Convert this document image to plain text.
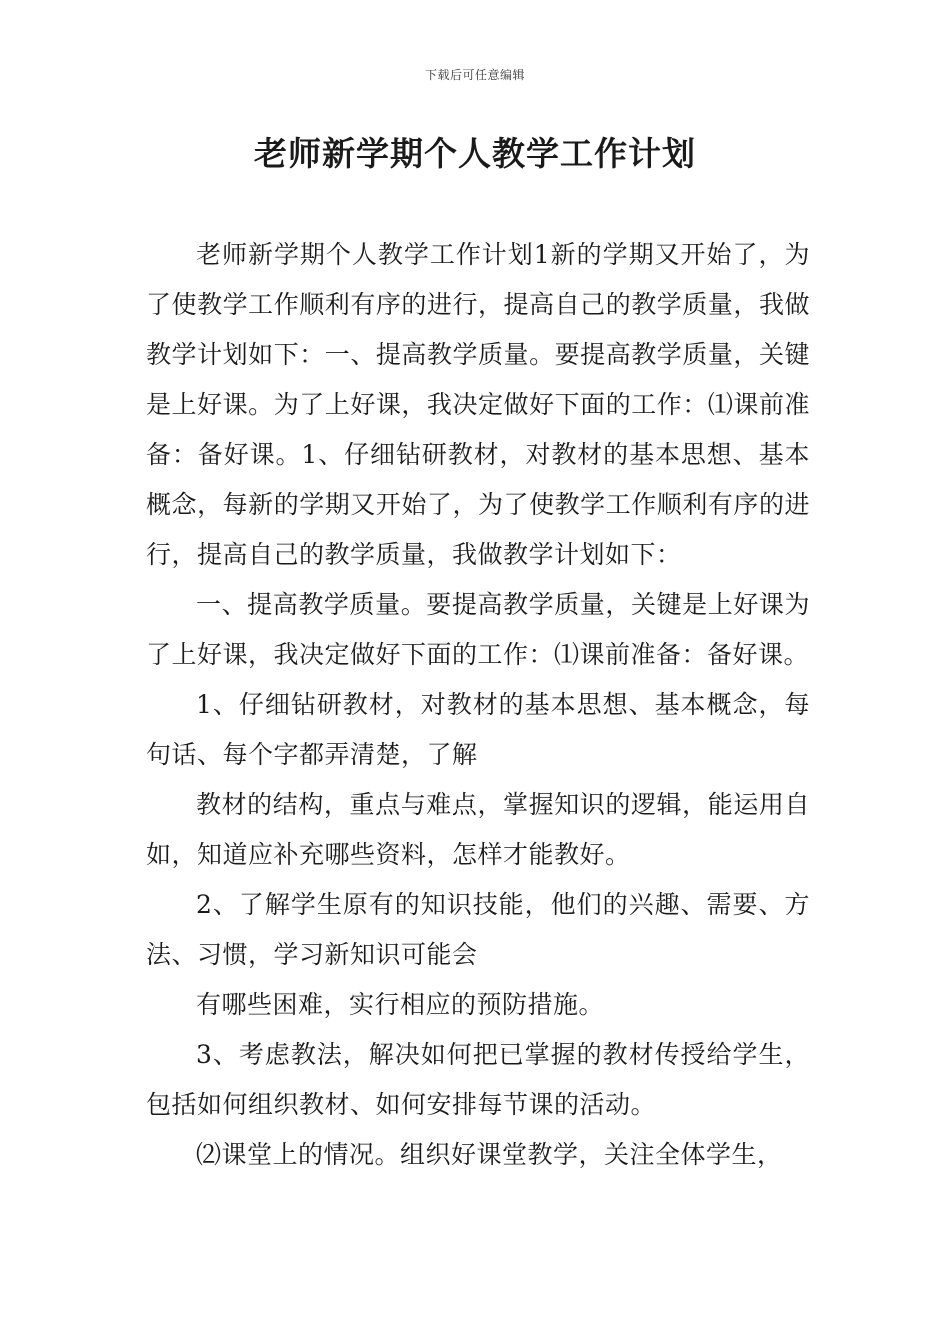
下载后可任意编辑
老师新学期个人教学工作计划

老师新学期个人教学工作计划1新的学期又开始了，为了使教学工作顺利有序的进行，提高自己的教学质量，我做教学计划如下：一、提高教学质量。要提高教学质量，关键是上好课。为了上好课，我决定做好下面的工作：⑴课前准备：备好课。1、仔细钻研教材，对教材的基本思想、基本概念，每新的学期又开始了，为了使教学工作顺利有序的进行，提高自己的教学质量，我做教学计划如下：

一、提高教学质量。要提高教学质量，关键是上好课为了上好课，我决定做好下面的工作：⑴课前准备：备好课。

1、仔细钻研教材，对教材的基本思想、基本概念，每句话、每个字都弄清楚，了解

教材的结构，重点与难点，掌握知识的逻辑，能运用自如，知道应补充哪些资料，怎样才能教好。

2、了解学生原有的知识技能，他们的兴趣、需要、方法、习惯，学习新知识可能会

有哪些困难，实行相应的预防措施。

3、考虑教法，解决如何把已掌握的教材传授给学生，包括如何组织教材、如何安排每节课的活动。

⑵课堂上的情况。组织好课堂教学，关注全体学生，
